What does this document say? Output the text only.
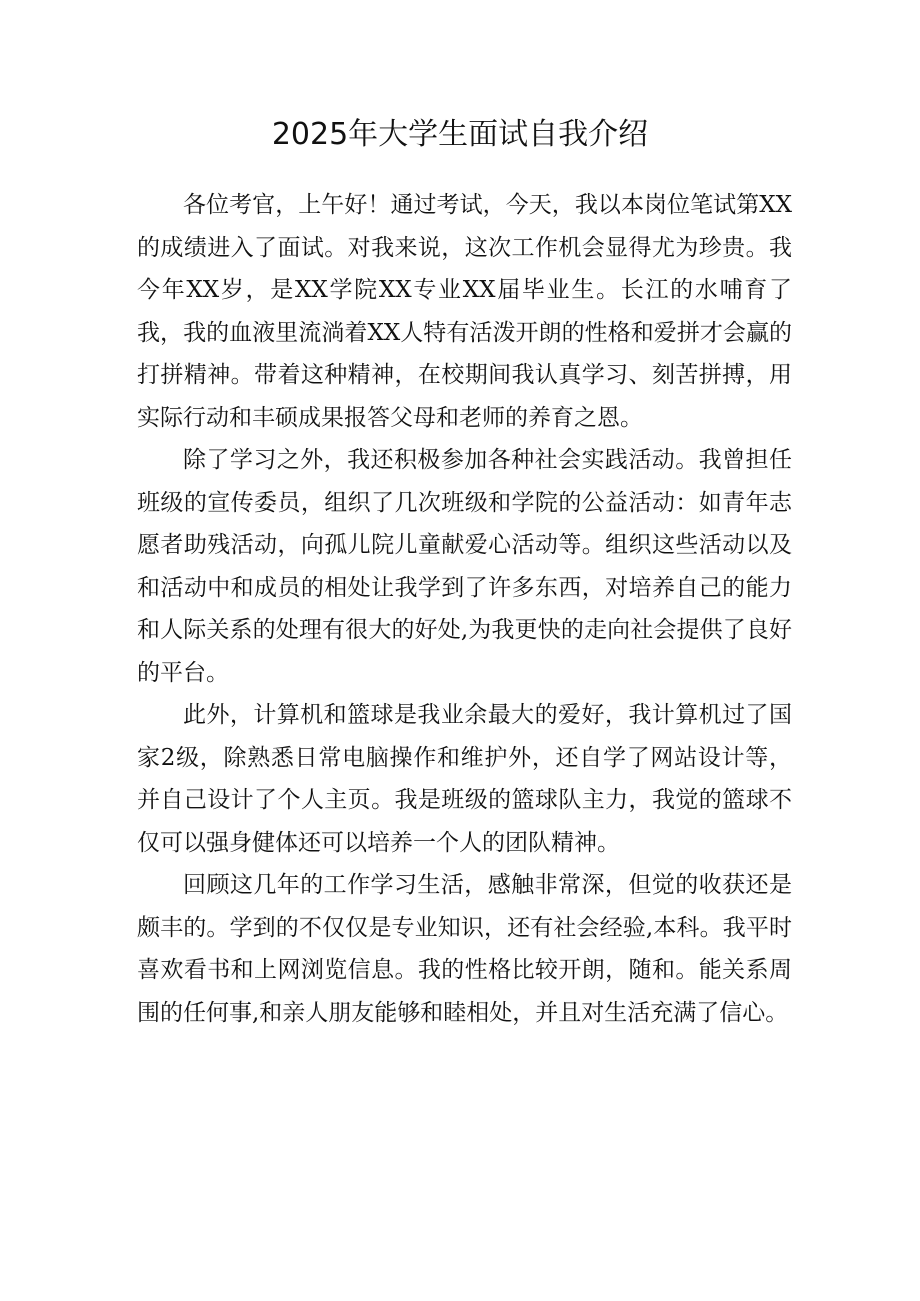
2025年大学生面试自我介绍

各位考官，上午好！通过考试，今天，我以本岗位笔试第XX的成绩进入了面试。对我来说，这次工作机会显得尤为珍贵。我今年XX岁，是XX学院XX专业XX届毕业生。长江的水哺育了我，我的血液里流淌着XX人特有活泼开朗的性格和爱拼才会赢的打拼精神。带着这种精神，在校期间我认真学习、刻苦拼搏，用实际行动和丰硕成果报答父母和老师的养育之恩。

除了学习之外，我还积极参加各种社会实践活动。我曾担任班级的宣传委员，组织了几次班级和学院的公益活动：如青年志愿者助残活动，向孤儿院儿童献爱心活动等。组织这些活动以及和活动中和成员的相处让我学到了许多东西，对培养自己的能力和人际关系的处理有很大的好处,为我更快的走向社会提供了良好的平台。

此外，计算机和篮球是我业余最大的爱好，我计算机过了国家2级，除熟悉日常电脑操作和维护外，还自学了网站设计等，并自己设计了个人主页。我是班级的篮球队主力，我觉的篮球不仅可以强身健体还可以培养一个人的团队精神。

回顾这几年的工作学习生活，感触非常深，但觉的收获还是颇丰的。学到的不仅仅是专业知识，还有社会经验,本科。我平时喜欢看书和上网浏览信息。我的性格比较开朗，随和。能关系周围的任何事,和亲人朋友能够和睦相处，并且对生活充满了信心。
